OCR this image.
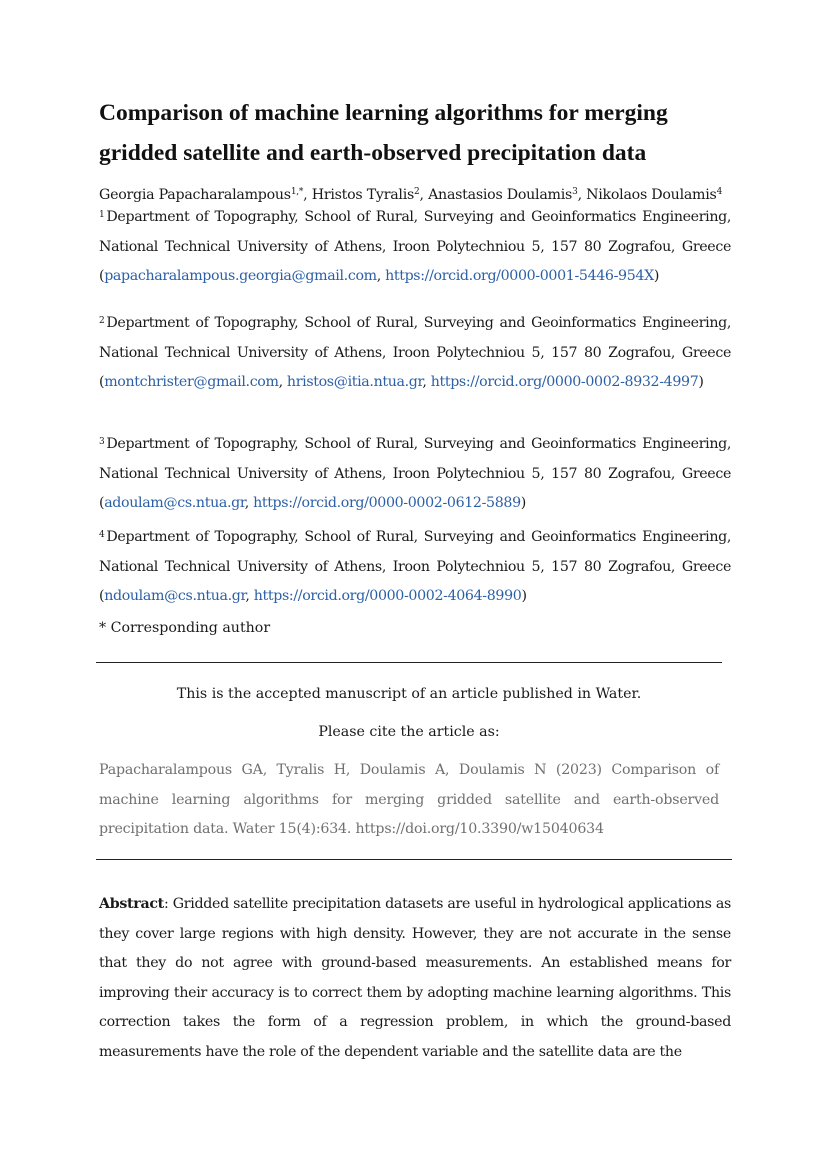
Comparison of machine learning algorithms for merging gridded satellite and earth-observed precipitation data
Georgia Papacharalampous$^{1,*}$, Hristos Tyralis$^2$, Anastasios Doulamis$^3$, Nikolaos Doulamis$^4$

$^1$ Department of Topography, School of Rural, Surveying and Geoinformatics Engineering, National Technical University of Athens, Iroon Polytechniou 5, 157 80 Zografou, Greece (papacharalampous.georgia@gmail.com, https://orcid.org/0000-0001-5446-954X)

$^2$ Department of Topography, School of Rural, Surveying and Geoinformatics Engineering, National Technical University of Athens, Iroon Polytechniou 5, 157 80 Zografou, Greece (montchrister@gmail.com, hristos@itia.ntua.gr, https://orcid.org/0000-0002-8932-4997)

$^3$ Department of Topography, School of Rural, Surveying and Geoinformatics Engineering, National Technical University of Athens, Iroon Polytechniou 5, 157 80 Zografou, Greece (adoulam@cs.ntua.gr, https://orcid.org/0000-0002-0612-5889)

$^4$ Department of Topography, School of Rural, Surveying and Geoinformatics Engineering, National Technical University of Athens, Iroon Polytechniou 5, 157 80 Zografou, Greece (ndoulam@cs.ntua.gr, https://orcid.org/0000-0002-4064-8990)

* Corresponding author
This is the accepted manuscript of an article published in Water.
Please cite the article as:
Papacharalampous GA, Tyralis H, Doulamis A, Doulamis N (2023) Comparison of machine learning algorithms for merging gridded satellite and earth-observed precipitation data. Water 15(4):634. https://doi.org/10.3390/w15040634

Abstract: Gridded satellite precipitation datasets are useful in hydrological applications as they cover large regions with high density. However, they are not accurate in the sense that they do not agree with ground-based measurements. An established means for improving their accuracy is to correct them by adopting machine learning algorithms. This correction takes the form of a regression problem, in which the ground-based measurements have the role of the dependent variable and the satellite data are the
